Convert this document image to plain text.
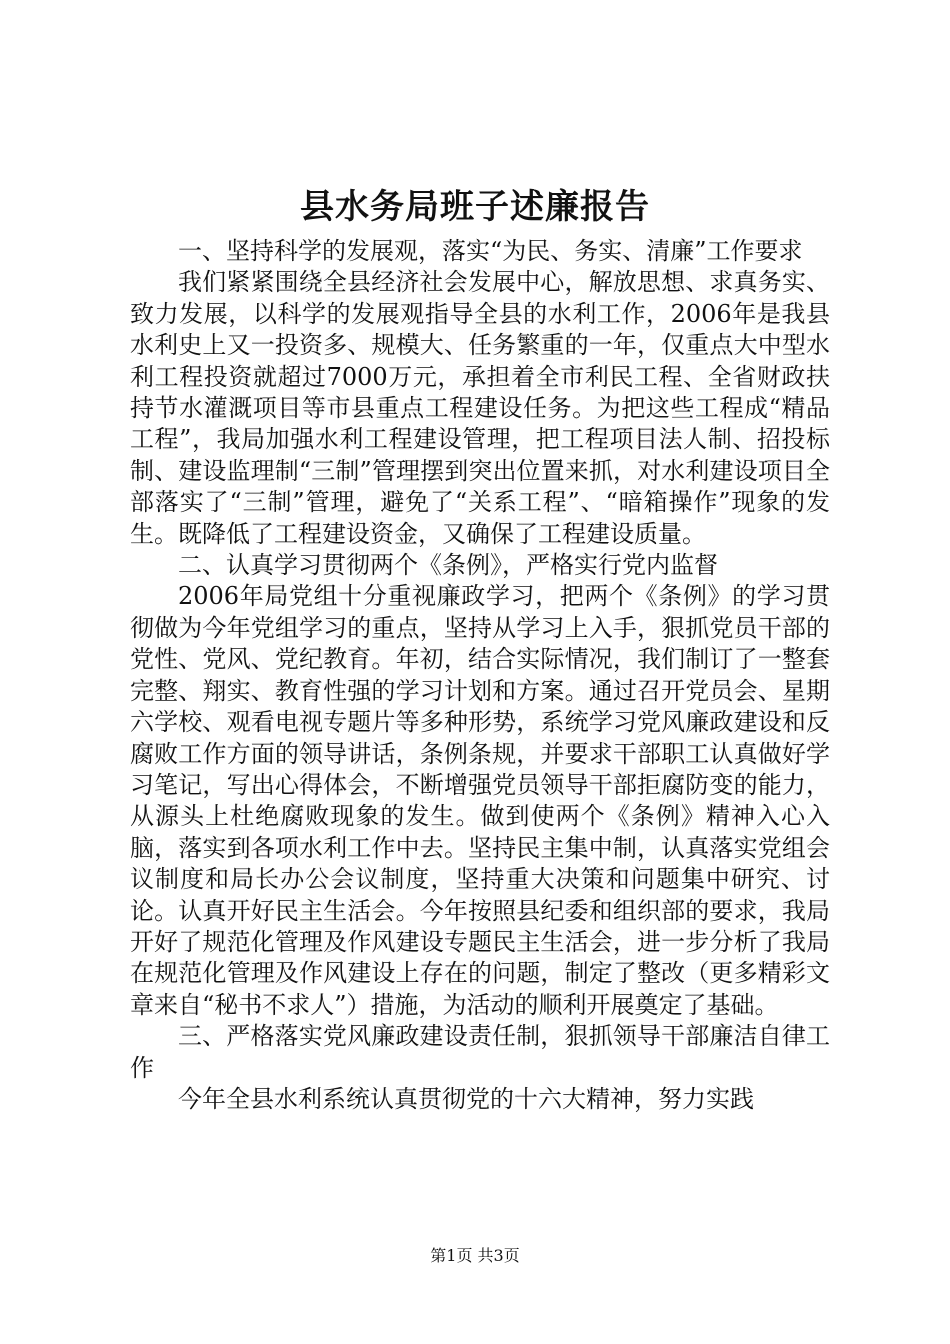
县水务局班子述廉报告

一、坚持科学的发展观，落实“为民、务实、清廉”工作要求

我们紧紧围绕全县经济社会发展中心，解放思想、求真务实、致力发展，以科学的发展观指导全县的水利工作，2006年是我县水利史上又一投资多、规模大、任务繁重的一年，仅重点大中型水利工程投资就超过7000万元，承担着全市利民工程、全省财政扶持节水灌溉项目等市县重点工程建设任务。为把这些工程成“精品工程”，我局加强水利工程建设管理，把工程项目法人制、招投标制、建设监理制“三制”管理摆到突出位置来抓，对水利建设项目全部落实了“三制”管理，避免了“关系工程”、“暗箱操作”现象的发生。既降低了工程建设资金，又确保了工程建设质量。

二、认真学习贯彻两个《条例》，严格实行党内监督

2006年局党组十分重视廉政学习，把两个《条例》的学习贯彻做为今年党组学习的重点，坚持从学习上入手，狠抓党员干部的党性、党风、党纪教育。年初，结合实际情况，我们制订了一整套完整、翔实、教育性强的学习计划和方案。通过召开党员会、星期六学校、观看电视专题片等多种形势，系统学习党风廉政建设和反腐败工作方面的领导讲话，条例条规，并要求干部职工认真做好学习笔记，写出心得体会，不断增强党员领导干部拒腐防变的能力，从源头上杜绝腐败现象的发生。做到使两个《条例》精神入心入脑，落实到各项水利工作中去。坚持民主集中制，认真落实党组会议制度和局长办公会议制度，坚持重大决策和问题集中研究、讨论。认真开好民主生活会。今年按照县纪委和组织部的要求，我局开好了规范化管理及作风建设专题民主生活会，进一步分析了我局在规范化管理及作风建设上存在的问题，制定了整改（更多精彩文章来自“秘书不求人”）措施，为活动的顺利开展奠定了基础。

三、严格落实党风廉政建设责任制，狠抓领导干部廉洁自律工作

今年全县水利系统认真贯彻党的十六大精神，努力实践

第1页 共3页
